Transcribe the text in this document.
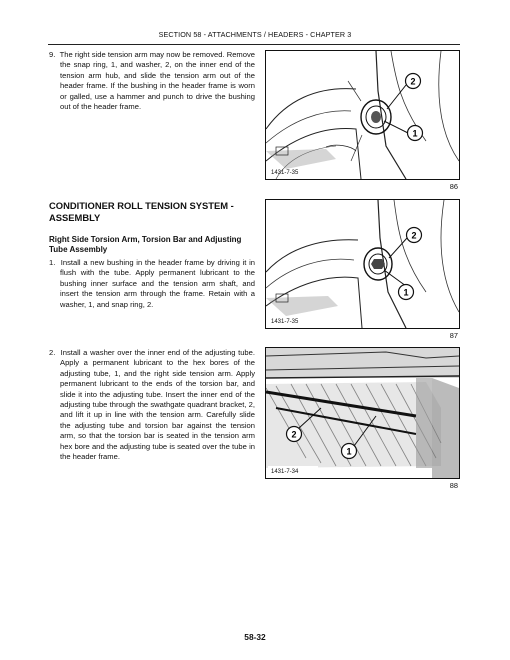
SECTION 58 - ATTACHMENTS / HEADERS - CHAPTER 3

9.  The right side tension arm may now be removed. Remove the snap ring, 1, and washer, 2, on the inner end of the tension arm hub, and slide the tension arm out of the header frame. If the bushing in the header frame is worn or galled, use a hammer and punch to drive the bushing out of the header frame.

2
1
1431-7-35
86
CONDITIONER ROLL TENSION SYSTEM - ASSEMBLY
Right Side Torsion Arm, Torsion Bar and Adjusting Tube Assembly

1.  Install a new bushing in the header frame by driving it in flush with the tube. Apply permanent lubricant to the bushing inner surface and the tension arm shaft, and insert the tension arm through the frame. Retain with a washer, 1, and snap ring, 2.

2
1
1431-7-35
87

2.  Install a washer over the inner end of the adjusting tube. Apply a permanent lubricant to the hex bores of the adjusting tube, 1, and the right side tension arm. Apply permanent lubricant to the ends of the torsion bar, and slide it into the adjusting tube. Insert the inner end of the adjusting tube through the swathgate quadrant bracket, 2, and lift it up in line with the tension arm. Carefully slide the adjusting tube and torsion bar against the tension arm, so that the torsion bar is seated in the tension arm hex bore and the adjusting tube is seated over the tube in the header frame.

2
1
1431-7-34
88
58-32
